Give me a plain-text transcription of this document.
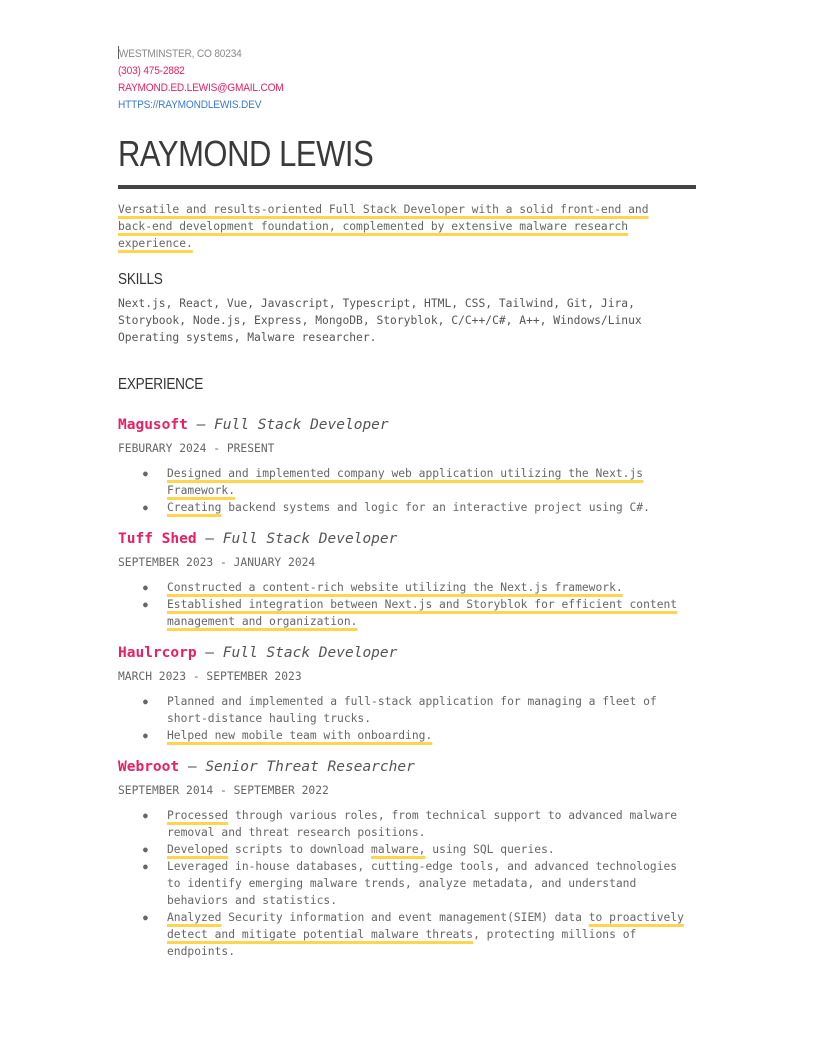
WESTMINSTER, CO 80234
(303) 475-2882
RAYMOND.ED.LEWIS@GMAIL.COM
HTTPS://RAYMONDLEWIS.DEV
RAYMOND LEWIS
Versatile and results-oriented Full Stack Developer with a solid front-end and back-end development foundation, complemented by extensive malware research experience.
SKILLS
Next.js, React, Vue, Javascript, Typescript, HTML, CSS, Tailwind, Git, Jira, Storybook, Node.js, Express, MongoDB, Storyblok, C/C++/C#, A++, Windows/Linux Operating systems, Malware researcher.
EXPERIENCE
Magusoft — Full Stack Developer
FEBURARY 2024 - PRESENT
● Designed and implemented company web application utilizing the Next.js Framework.
● Creating backend systems and logic for an interactive project using C#.
Tuff Shed — Full Stack Developer
SEPTEMBER 2023 - JANUARY 2024
● Constructed a content-rich website utilizing the Next.js framework.
● Established integration between Next.js and Storyblok for efficient content management and organization.
Haulrcorp — Full Stack Developer
MARCH 2023 - SEPTEMBER 2023
● Planned and implemented a full-stack application for managing a fleet of short-distance hauling trucks.
● Helped new mobile team with onboarding.
Webroot — Senior Threat Researcher
SEPTEMBER 2014 - SEPTEMBER 2022
● Processed through various roles, from technical support to advanced malware removal and threat research positions.
● Developed scripts to download malware, using SQL queries.
● Leveraged in-house databases, cutting-edge tools, and advanced technologies to identify emerging malware trends, analyze metadata, and understand behaviors and statistics.
● Analyzed Security information and event management(SIEM) data to proactively detect and mitigate potential malware threats, protecting millions of endpoints.
